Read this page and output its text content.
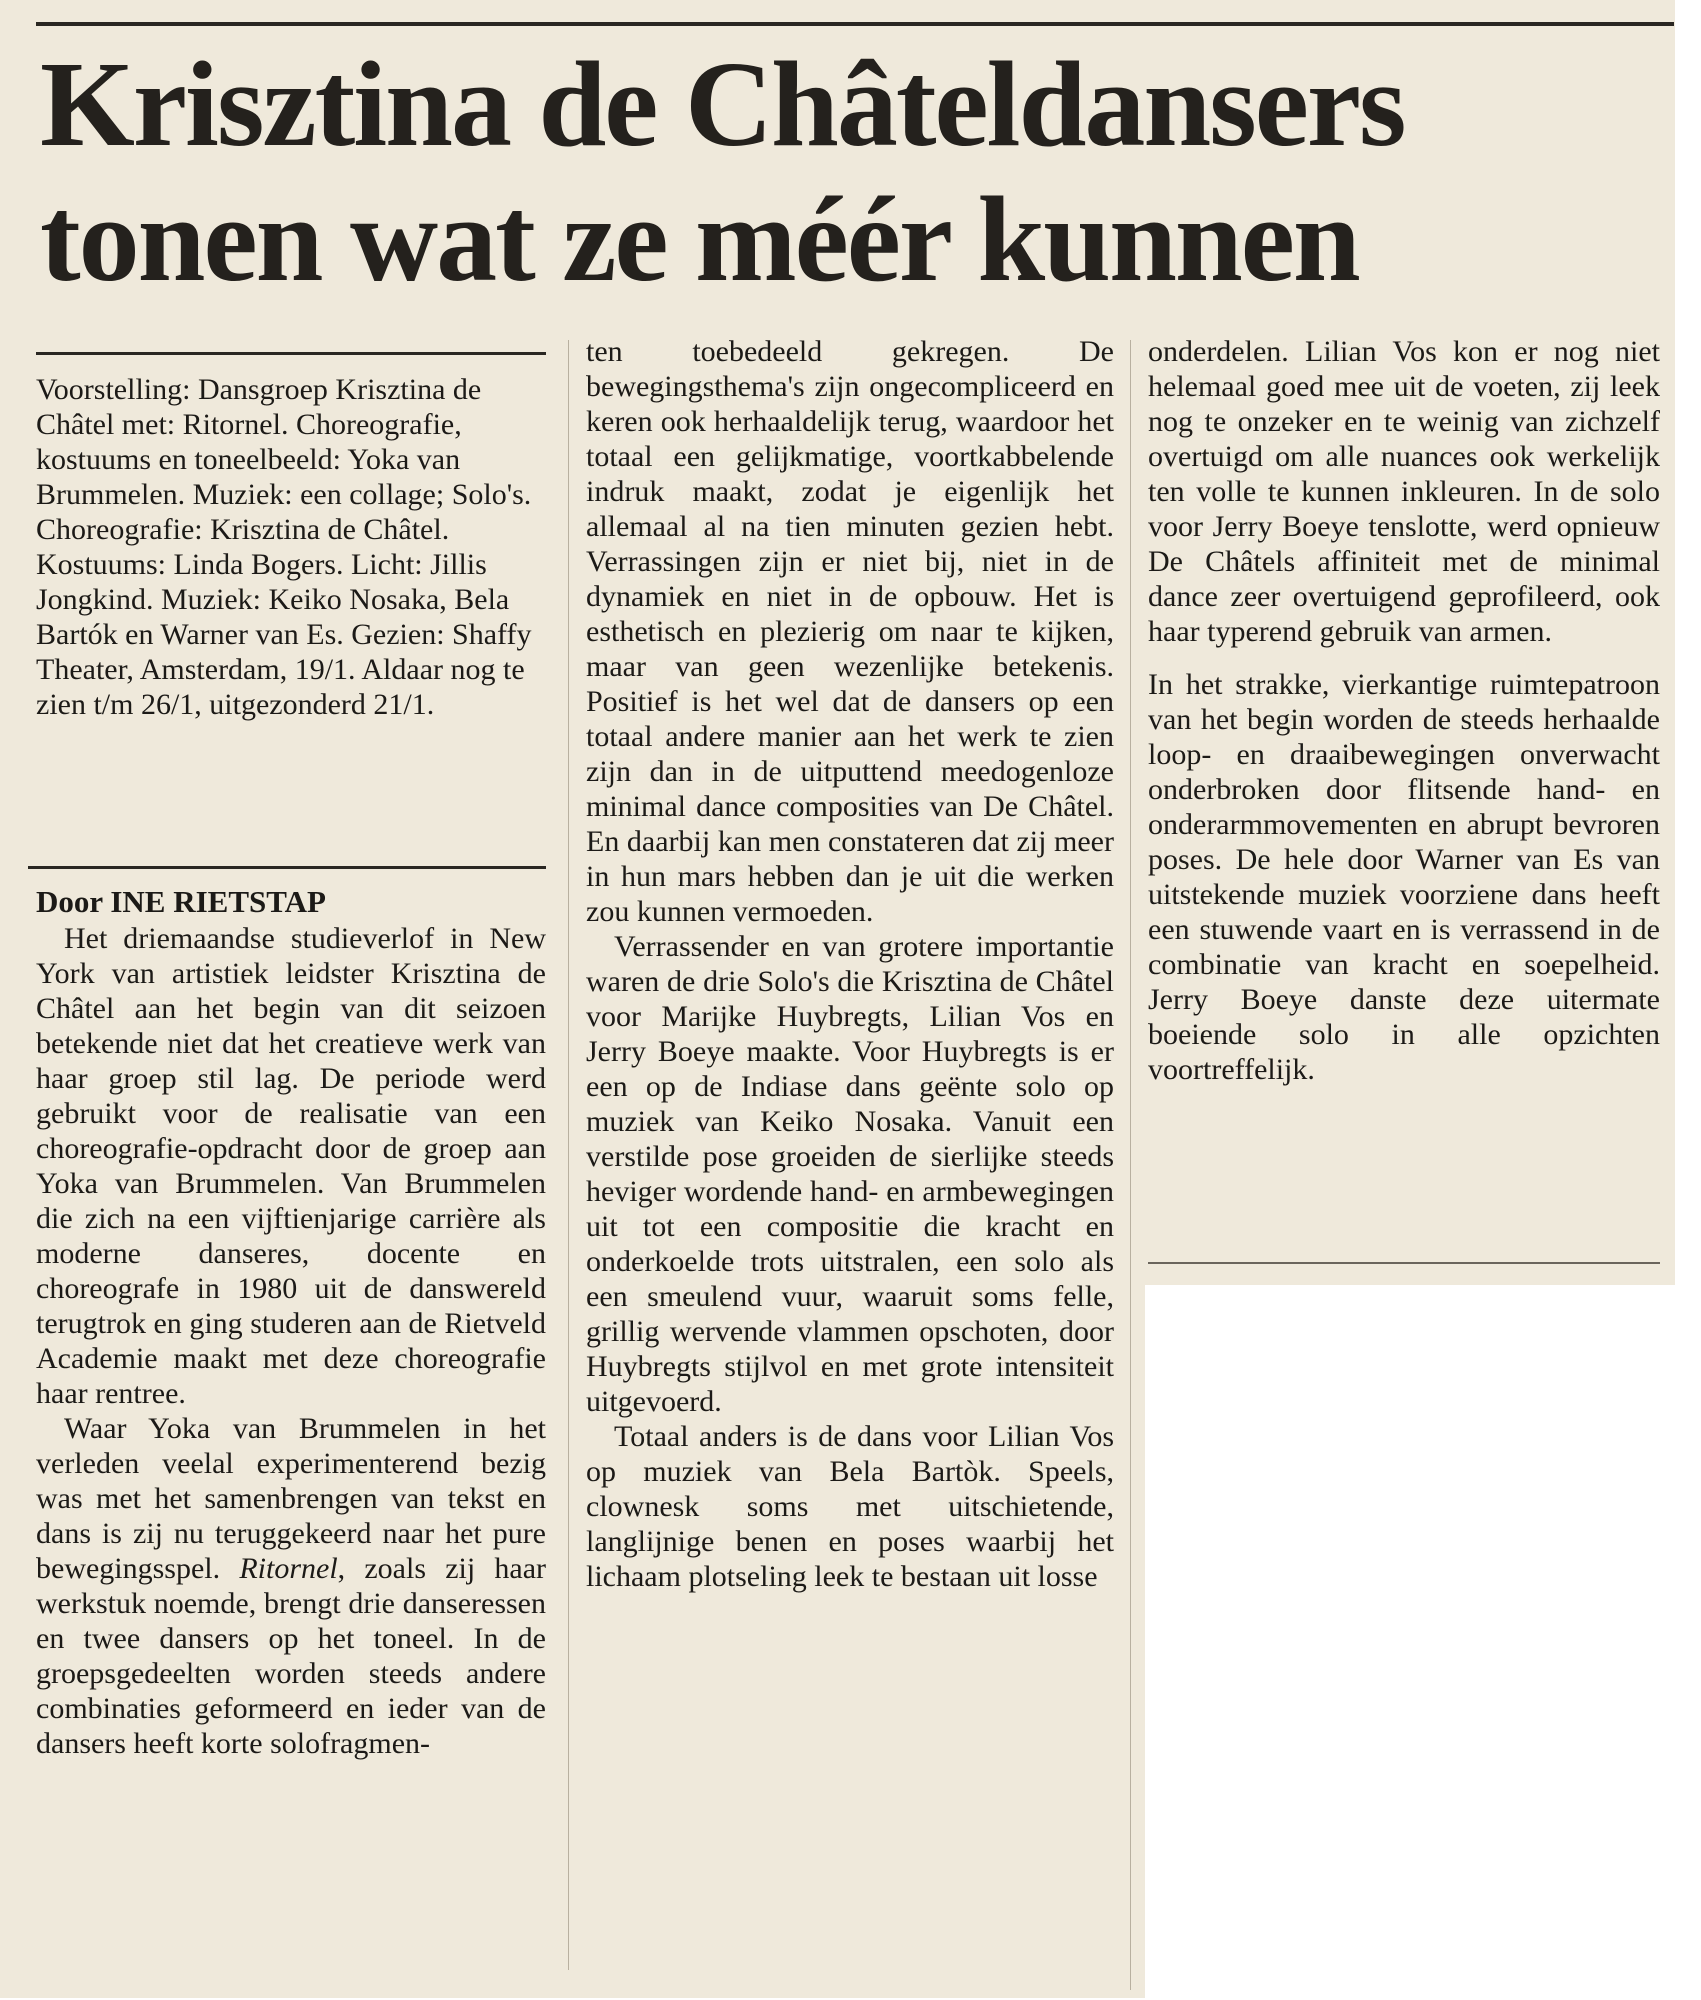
Krisztina de Châteldansers
tonen wat ze méér kunnen

Voorstelling: Dansgroep Krisztina de Châtel met: Ritornel. Choreografie, kostuums en toneelbeeld: Yoka van Brummelen. Muziek: een collage; Solo's. Choreografie: Krisztina de Châtel. Kostuums: Linda Bogers. Licht: Jillis Jongkind. Muziek: Keiko Nosaka, Bela Bartók en Warner van Es. Gezien: Shaffy Theater, Amsterdam, 19/1. Aldaar nog te zien t/m 26/1, uitgezonderd 21/1.

Door INE RIETSTAP

Het driemaandse studieverlof in New York van artistiek leidster Krisztina de Châtel aan het begin van dit seizoen betekende niet dat het creatieve werk van haar groep stil lag. De periode werd gebruikt voor de realisatie van een choreografie-opdracht door de groep aan Yoka van Brummelen. Van Brummelen die zich na een vijftienjarige carrière als moderne danseres, docente en choreografe in 1980 uit de danswereld terugtrok en ging studeren aan de Rietveld Academie maakt met deze choreografie haar rentree.

Waar Yoka van Brummelen in het verleden veelal experimenterend bezig was met het samenbrengen van tekst en dans is zij nu teruggekeerd naar het pure bewegingsspel. Ritornel, zoals zij haar werkstuk noemde, brengt drie danseressen en twee dansers op het toneel. In de groepsgedeelten worden steeds andere combinaties geformeerd en ieder van de dansers heeft korte solofragmen-

ten toebedeeld gekregen. De bewegingsthema's zijn ongecompliceerd en keren ook herhaaldelijk terug, waardoor het totaal een gelijkmatige, voortkabbelende indruk maakt, zodat je eigenlijk het allemaal al na tien minuten gezien hebt. Verrassingen zijn er niet bij, niet in de dynamiek en niet in de opbouw. Het is esthetisch en plezierig om naar te kijken, maar van geen wezenlijke betekenis. Positief is het wel dat de dansers op een totaal andere manier aan het werk te zien zijn dan in de uitputtend meedogenloze minimal dance composities van De Châtel. En daarbij kan men constateren dat zij meer in hun mars hebben dan je uit die werken zou kunnen vermoeden.

Verrassender en van grotere importantie waren de drie Solo's die Krisztina de Châtel voor Marijke Huybregts, Lilian Vos en Jerry Boeye maakte. Voor Huybregts is er een op de Indiase dans geënte solo op muziek van Keiko Nosaka. Vanuit een verstilde pose groeiden de sierlijke steeds heviger wordende hand- en armbewegingen uit tot een compositie die kracht en onderkoelde trots uitstralen, een solo als een smeulend vuur, waaruit soms felle, grillig wervende vlammen opschoten, door Huybregts stijlvol en met grote intensiteit uitgevoerd.

Totaal anders is de dans voor Lilian Vos op muziek van Bela Bartòk. Speels, clownesk soms met uitschietende, langlijnige benen en poses waarbij het lichaam plotseling leek te bestaan uit losse

onderdelen. Lilian Vos kon er nog niet helemaal goed mee uit de voeten, zij leek nog te onzeker en te weinig van zichzelf overtuigd om alle nuances ook werkelijk ten volle te kunnen inkleuren. In de solo voor Jerry Boeye tenslotte, werd opnieuw De Châtels affiniteit met de minimal dance zeer overtuigend geprofileerd, ook haar typerend gebruik van armen.

In het strakke, vierkantige ruimtepatroon van het begin worden de steeds herhaalde loop- en draaibewegingen onverwacht onderbroken door flitsende hand- en onderarmmovementen en abrupt bevroren poses. De hele door Warner van Es van uitstekende muziek voorziene dans heeft een stuwende vaart en is verrassend in de combinatie van kracht en soepelheid. Jerry Boeye danste deze uitermate boeiende solo in alle opzichten voortreffelijk.
